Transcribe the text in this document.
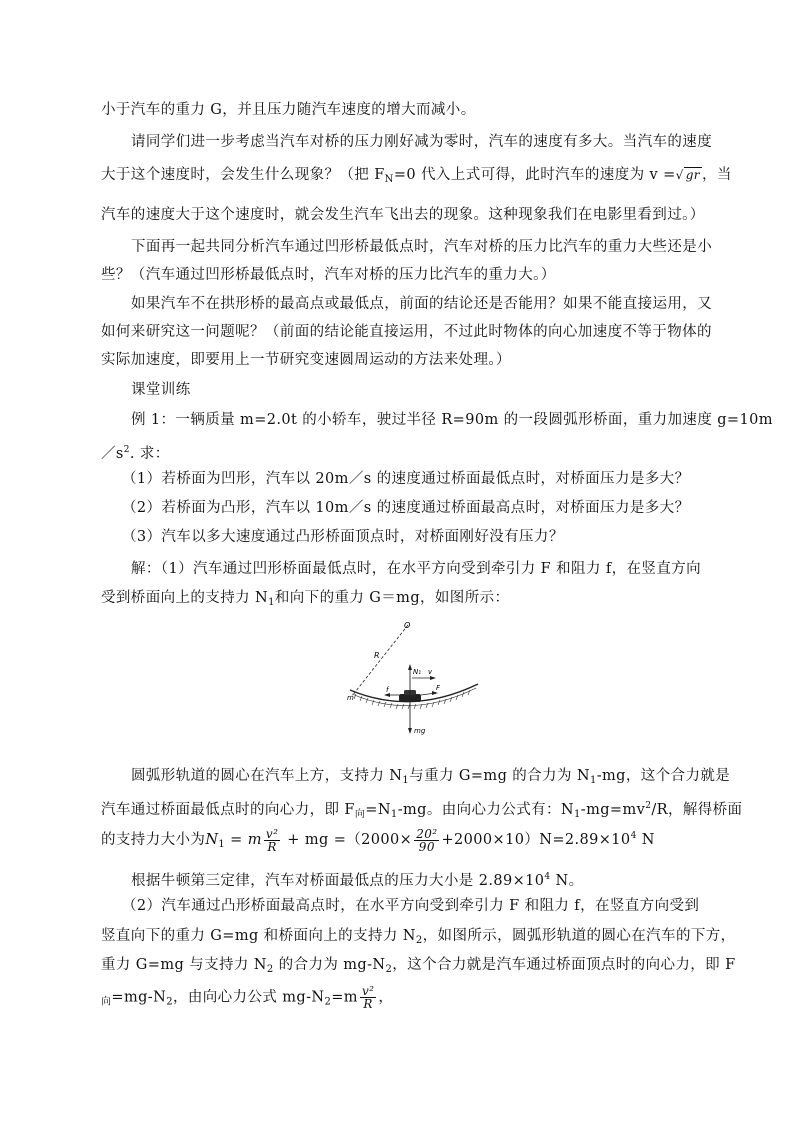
小于汽车的重力 G，并且压力随汽车速度的增大而减小。
请同学们进一步考虑当汽车对桥的压力刚好减为零时，汽车的速度有多大。当汽车的速度
大于这个速度时，会发生什么现象？（把 $F_N=0$ 代入上式可得，此时汽车的速度为 v =√ gr ，当
汽车的速度大于这个速度时，就会发生汽车飞出去的现象。这种现象我们在电影里看到过。）
下面再一起共同分析汽车通过凹形桥最低点时，汽车对桥的压力比汽车的重力大些还是小
些？（汽车通过凹形桥最低点时，汽车对桥的压力比汽车的重力大。）
如果汽车不在拱形桥的最高点或最低点，前面的结论还是否能用？如果不能直接运用，又
如何来研究这一问题呢？（前面的结论能直接运用，不过此时物体的向心加速度不等于物体的
实际加速度，即要用上一节研究变速圆周运动的方法来处理。）
课堂训练
例 1：一辆质量 m=2.0t 的小轿车，驶过半径 R=90m 的一段圆弧形桥面，重力加速度 g=10m
$/s^2$. 求：
（1）若桥面为凹形，汽车以 20m／s 的速度通过桥面最低点时，对桥面压力是多大？
（2）若桥面为凸形，汽车以 10m／s 的速度通过桥面最高点时，对桥面压力是多大？
（3）汽车以多大速度通过凸形桥面顶点时，对桥面刚好没有压力？
解：（1）汽车通过凹形桥面最低点时，在水平方向受到牵引力 F 和阻力 f，在竖直方向
受到桥面向上的支持力 $N_1$和向下的重力 G＝mg，如图所示：
O
R
m
N₁ v
f	F
mg
圆弧形轨道的圆心在汽车上方，支持力 $N_1$与重力 G=mg 的合力为 $N_1-mg$，这个合力就是
汽车通过桥面最低点时的向心力，即 $F_向=N_1-mg$。由向心力公式有：$N_1-mg=mv^2/R$，解得桥面
的支持力大小为$N_1 = m \frac{\text{v²}}{R}$ + mg $=(2000\times \frac{\text{20²}}{90} +2000\times 10)N=2.89\times 10^4$ N
根据牛顿第三定律，汽车对桥面最低点的压力大小是 $2.89\times 10^4$ N。
（2）汽车通过凸形桥面最高点时，在水平方向受到牵引力 F 和阻力 f，在竖直方向受到
竖直向下的重力 G=mg 和桥面向上的支持力 $N_2$，如图所示，圆弧形轨道的圆心在汽车的下方，
重力 G=mg 与支持力 $N_2$ 的合力为 $mg-N_2$，这个合力就是汽车通过桥面顶点时的向心力，即 F
$_向=mg-N_2$，由向心力公式 $mg-N_2=m \frac{\text{v²}}{R}$ ，
